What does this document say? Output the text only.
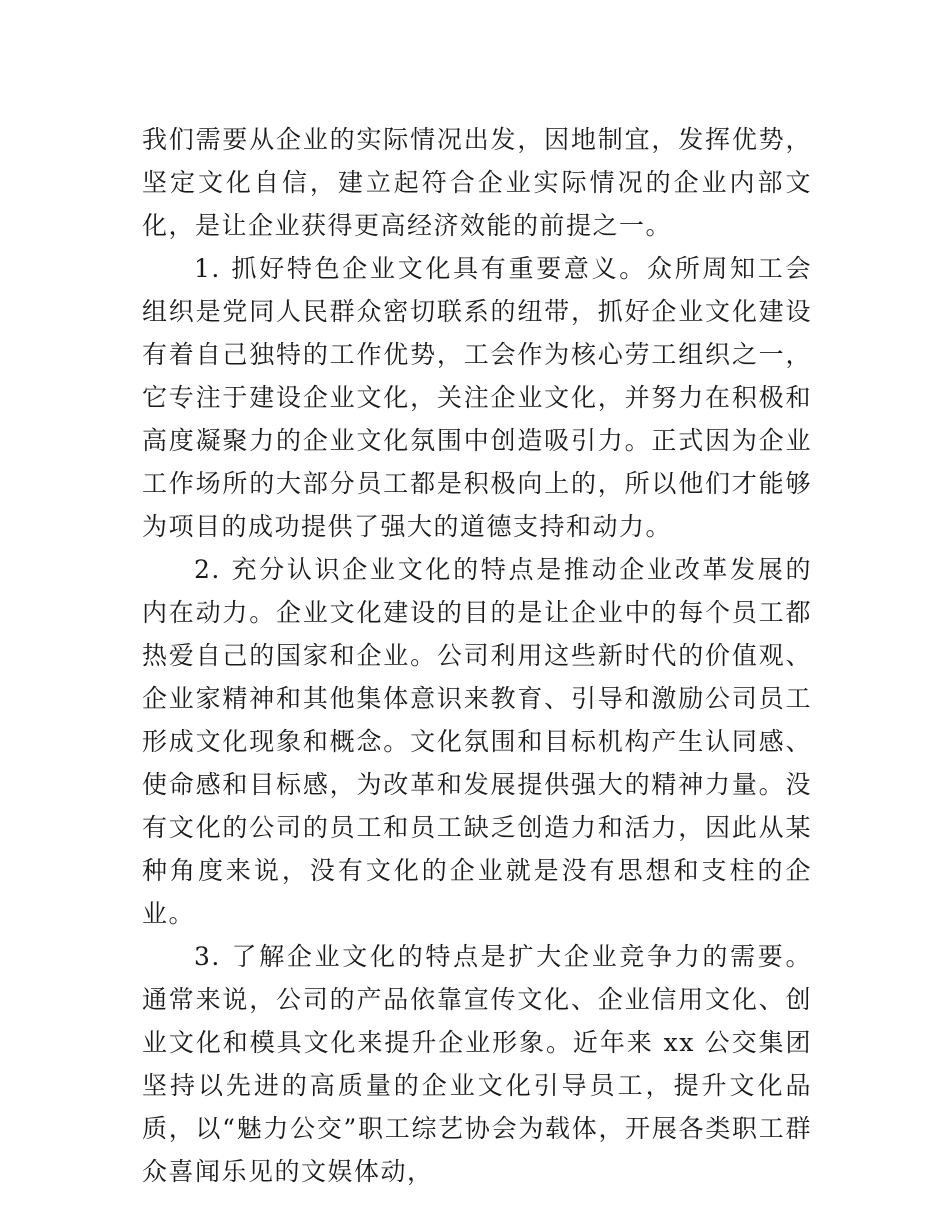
我们需要从企业的实际情况出发，因地制宜，发挥优势，坚定文化自信，建立起符合企业实际情况的企业内部文化，是让企业获得更高经济效能的前提之一。

1. 抓好特色企业文化具有重要意义。众所周知工会组织是党同人民群众密切联系的纽带，抓好企业文化建设有着自己独特的工作优势，工会作为核心劳工组织之一，它专注于建设企业文化，关注企业文化，并努力在积极和高度凝聚力的企业文化氛围中创造吸引力。正式因为企业工作场所的大部分员工都是积极向上的，所以他们才能够为项目的成功提供了强大的道德支持和动力。

2. 充分认识企业文化的特点是推动企业改革发展的内在动力。企业文化建设的目的是让企业中的每个员工都热爱自己的国家和企业。公司利用这些新时代的价值观、企业家精神和其他集体意识来教育、引导和激励公司员工形成文化现象和概念。文化氛围和目标机构产生认同感、使命感和目标感，为改革和发展提供强大的精神力量。没有文化的公司的员工和员工缺乏创造力和活力，因此从某种角度来说，没有文化的企业就是没有思想和支柱的企业。

3. 了解企业文化的特点是扩大企业竞争力的需要。通常来说，公司的产品依靠宣传文化、企业信用文化、创业文化和模具文化来提升企业形象。近年来 xx 公交集团坚持以先进的高质量的企业文化引导员工，提升文化品质，以“魅力公交”职工综艺协会为载体，开展各类职工群众喜闻乐见的文娱体动，
